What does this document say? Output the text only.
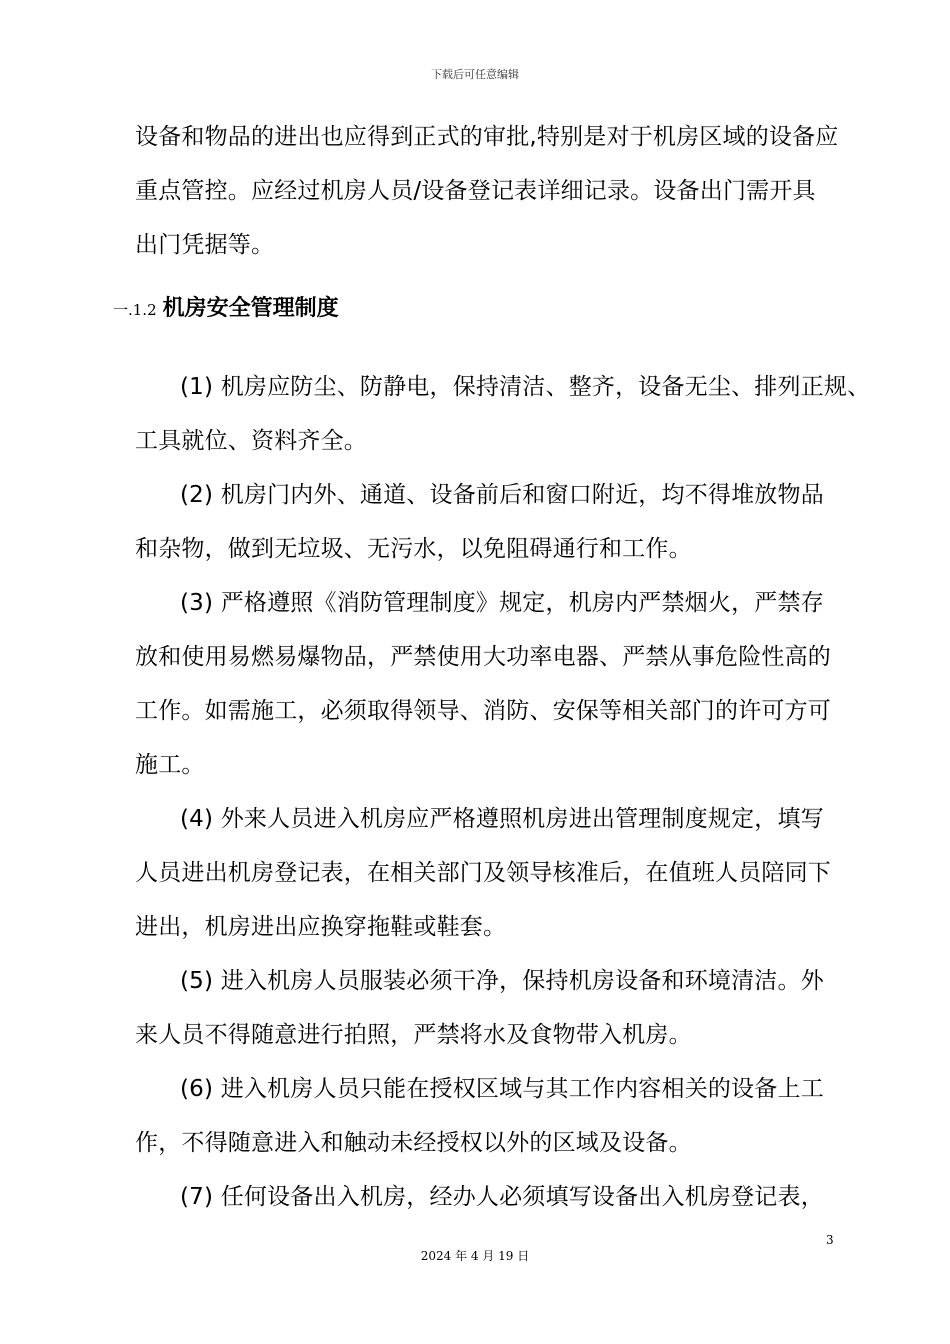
下载后可任意编辑
设备和物品的进出也应得到正式的审批,特别是对于机房区域的设备应
重点管控。应经过机房人员/设备登记表详细记录。设备出门需开具
出门凭据等。
一.1.2 机房安全管理制度
(1) 机房应防尘、防静电，保持清洁、整齐，设备无尘、排列正规、
工具就位、资料齐全。
(2) 机房门内外、通道、设备前后和窗口附近，均不得堆放物品
和杂物，做到无垃圾、无污水，以免阻碍通行和工作。
(3) 严格遵照《消防管理制度》规定，机房内严禁烟火，严禁存
放和使用易燃易爆物品，严禁使用大功率电器、严禁从事危险性高的
工作。如需施工，必须取得领导、消防、安保等相关部门的许可方可
施工。
(4) 外来人员进入机房应严格遵照机房进出管理制度规定，填写
人员进出机房登记表，在相关部门及领导核准后，在值班人员陪同下
进出，机房进出应换穿拖鞋或鞋套。
(5) 进入机房人员服装必须干净，保持机房设备和环境清洁。外
来人员不得随意进行拍照，严禁将水及食物带入机房。
(6) 进入机房人员只能在授权区域与其工作内容相关的设备上工
作，不得随意进入和触动未经授权以外的区域及设备。
(7) 任何设备出入机房，经办人必须填写设备出入机房登记表，
3
2024 年 4 月 19 日
